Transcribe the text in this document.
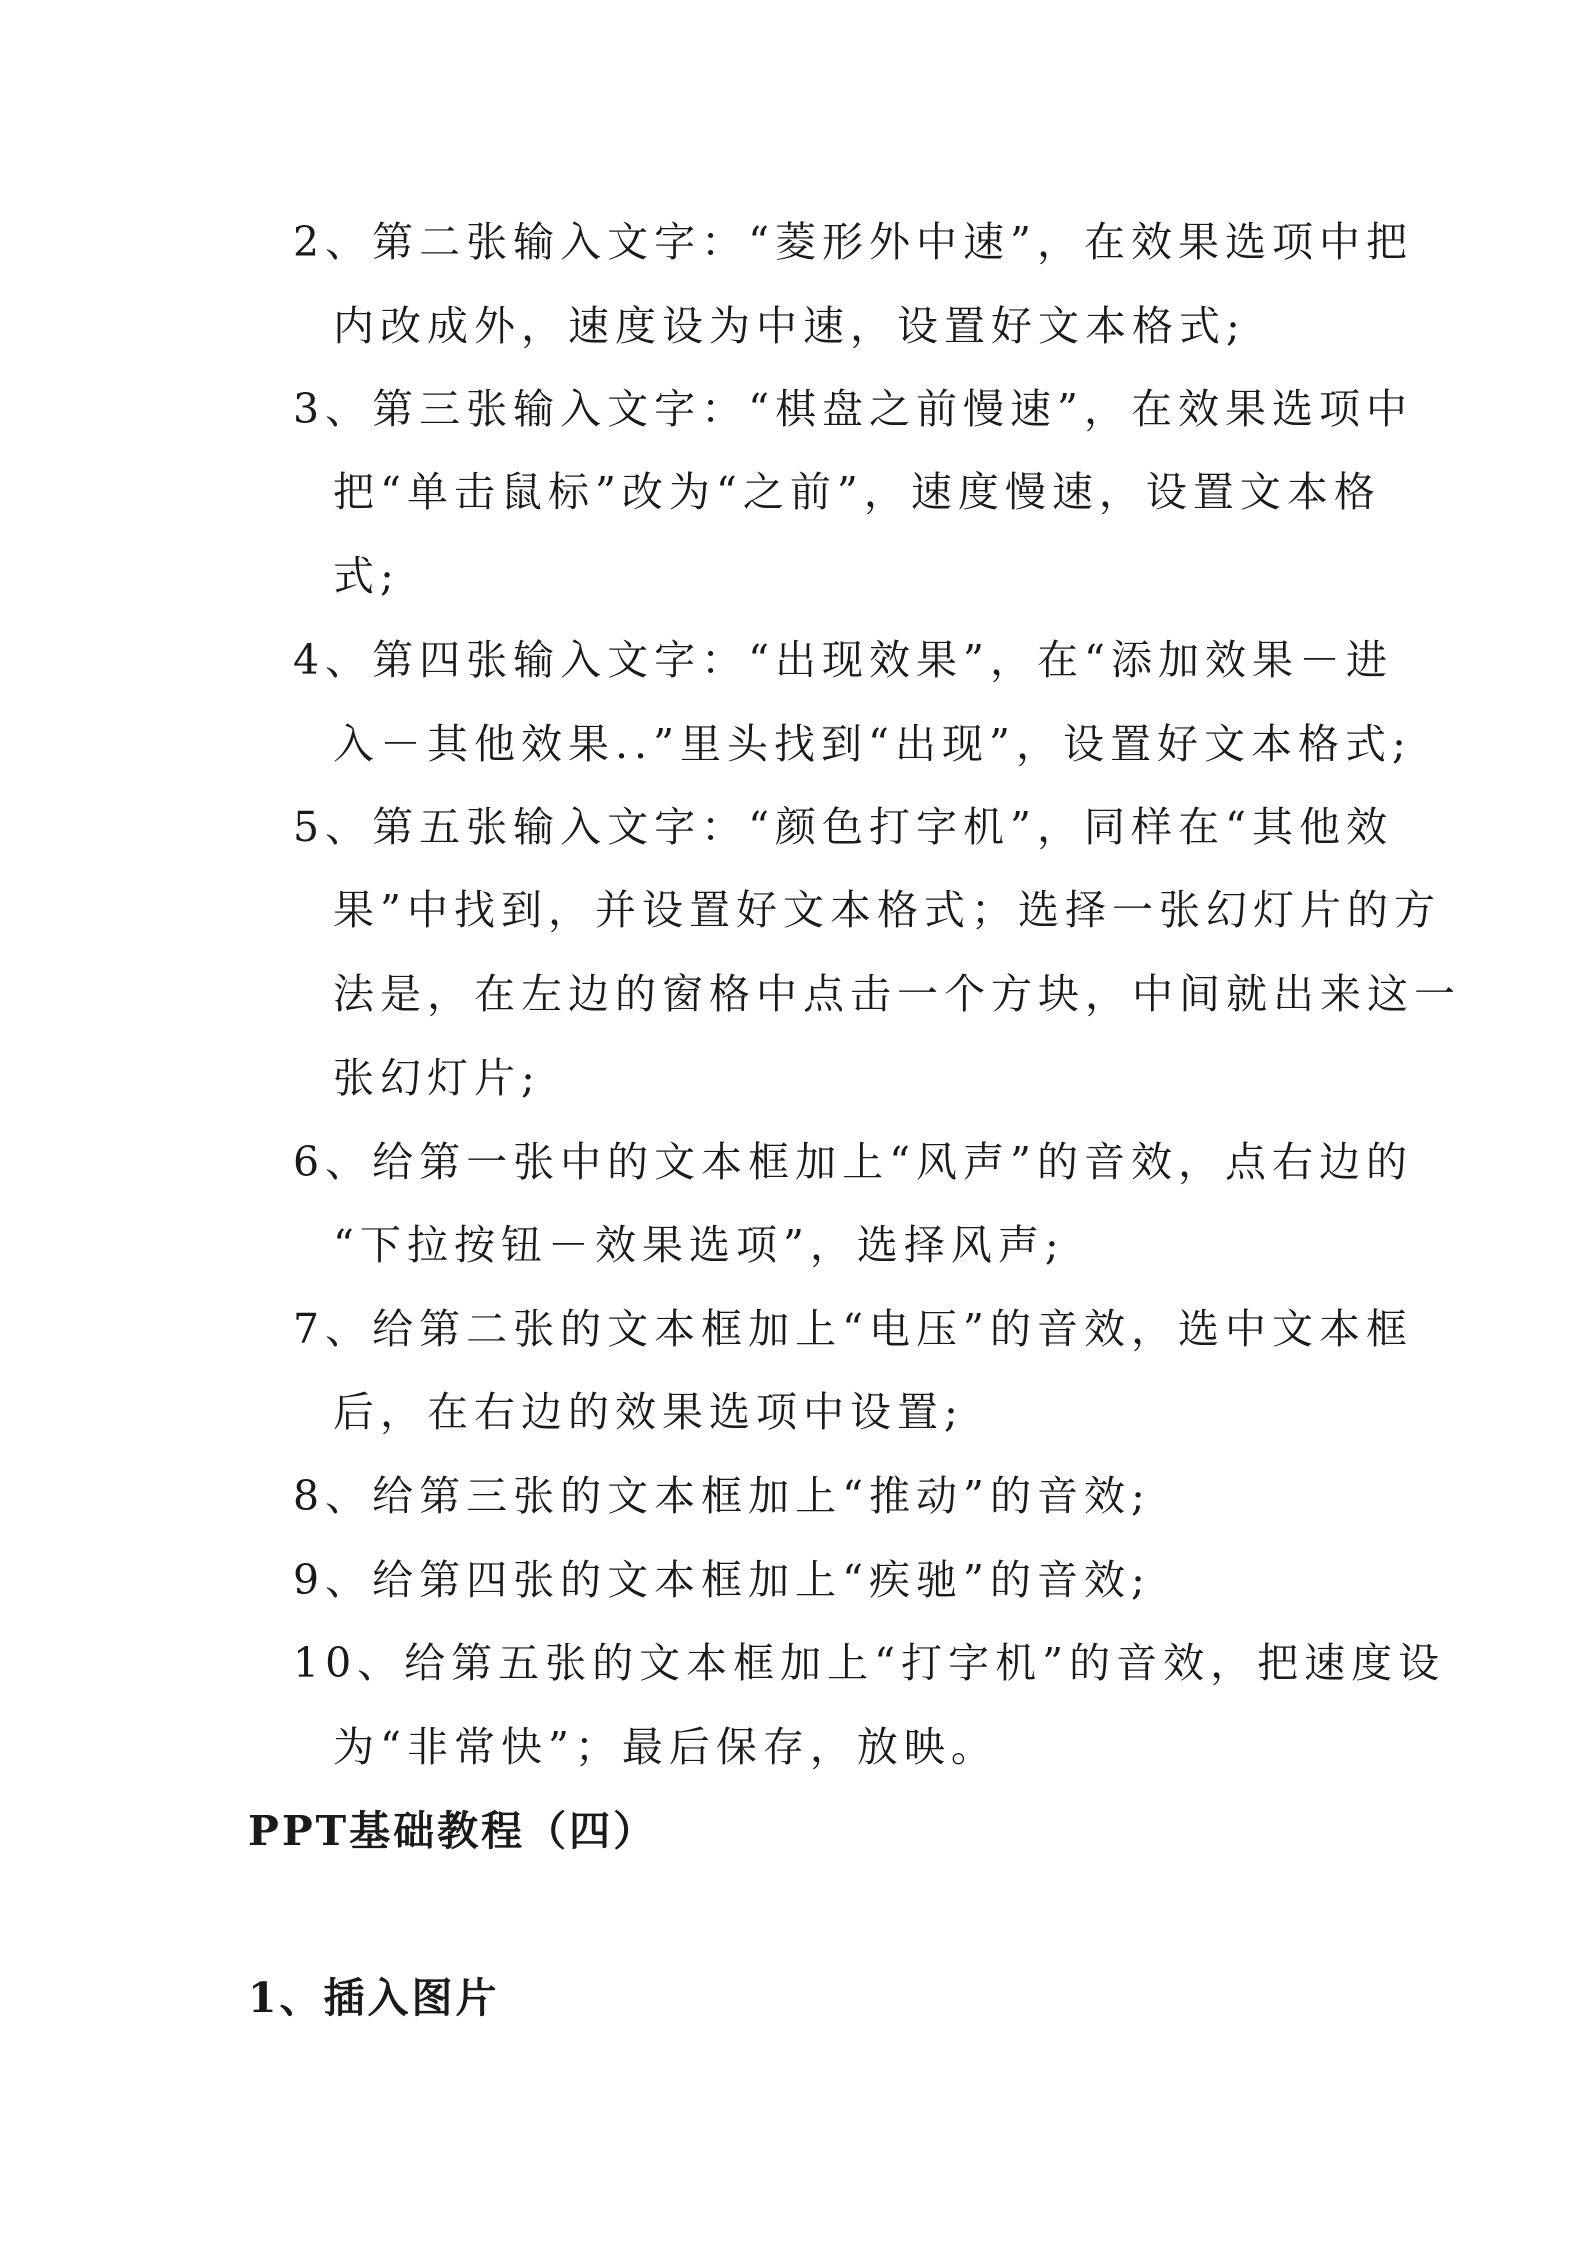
2、第二张输入文字：“菱形外中速”，在效果选项中把
内改成外，速度设为中速，设置好文本格式;
3、第三张输入文字：“棋盘之前慢速”，在效果选项中
把“单击鼠标”改为“之前”，速度慢速，设置文本格
式;
4、第四张输入文字：“出现效果”，在“添加效果－进
入－其他效果..”里头找到“出现”，设置好文本格式;
5、第五张输入文字：“颜色打字机”，同样在“其他效
果”中找到，并设置好文本格式；选择一张幻灯片的方
法是，在左边的窗格中点击一个方块，中间就出来这一
张幻灯片;
6、给第一张中的文本框加上“风声”的音效，点右边的
“下拉按钮－效果选项”，选择风声;
7、给第二张的文本框加上“电压”的音效，选中文本框
后，在右边的效果选项中设置;
8、给第三张的文本框加上“推动”的音效;
9、给第四张的文本框加上“疾驰”的音效;
10、给第五张的文本框加上“打字机”的音效，把速度设
为“非常快”；最后保存，放映。
PPT基础教程（四）
1、插入图片
